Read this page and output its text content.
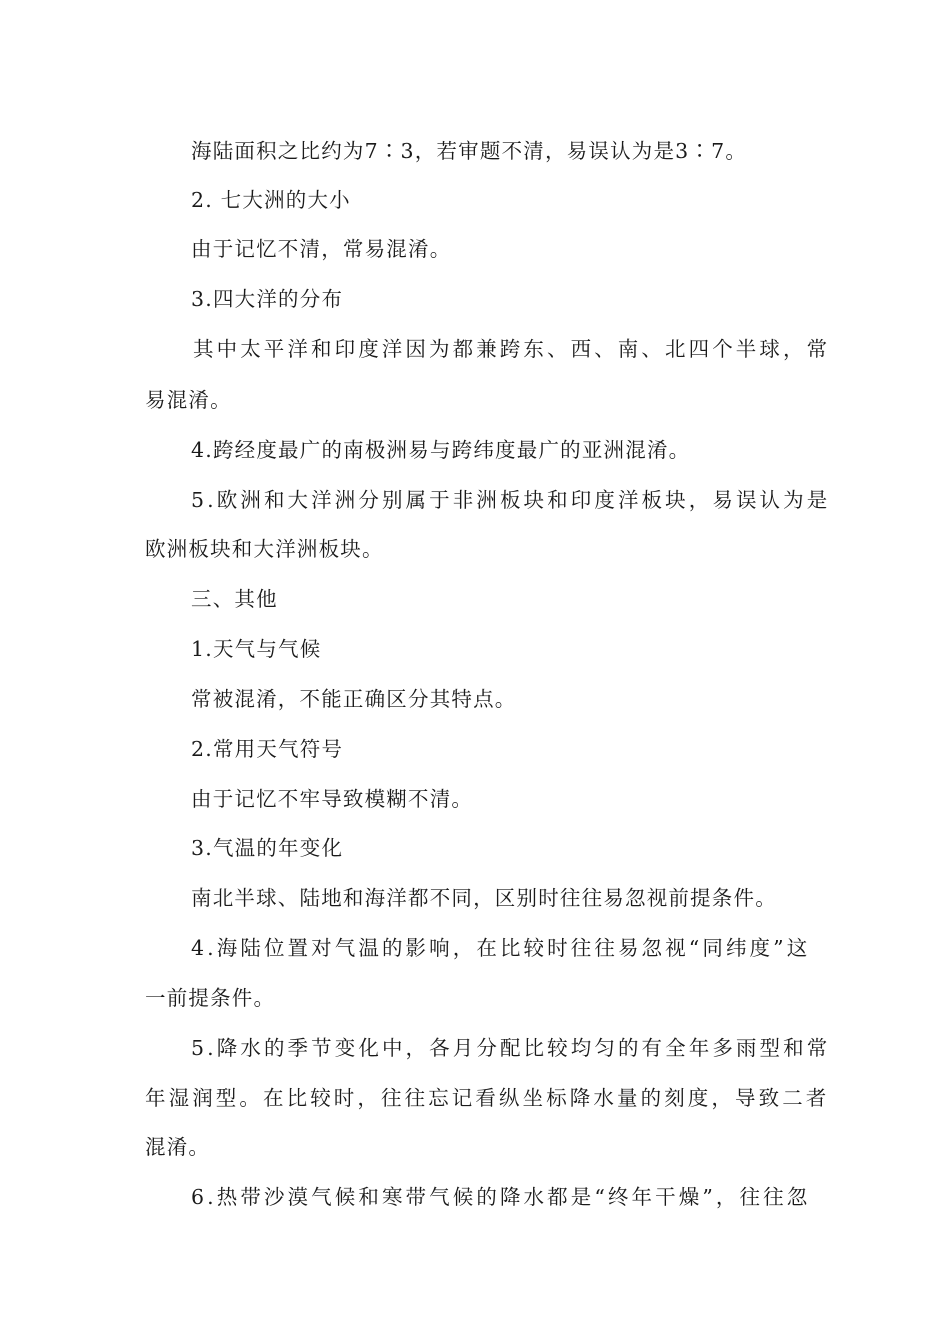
海陆面积之比约为7∶3，若审题不清，易误认为是3∶7。
2. 七大洲的大小
由于记忆不清，常易混淆。
3.四大洋的分布
其中太平洋和印度洋因为都兼跨东、西、南、北四个半球，常
易混淆。
4.跨经度最广的南极洲易与跨纬度最广的亚洲混淆。
5.欧洲和大洋洲分别属于非洲板块和印度洋板块，易误认为是
欧洲板块和大洋洲板块。
三、其他
1.天气与气候
常被混淆，不能正确区分其特点。
2.常用天气符号
由于记忆不牢导致模糊不清。
3.气温的年变化
南北半球、陆地和海洋都不同，区别时往往易忽视前提条件。
4.海陆位置对气温的影响，在比较时往往易忽视“同纬度”这
一前提条件。
5.降水的季节变化中，各月分配比较均匀的有全年多雨型和常
年湿润型。在比较时，往往忘记看纵坐标降水量的刻度，导致二者
混淆。
6.热带沙漠气候和寒带气候的降水都是“终年干燥”，往往忽
